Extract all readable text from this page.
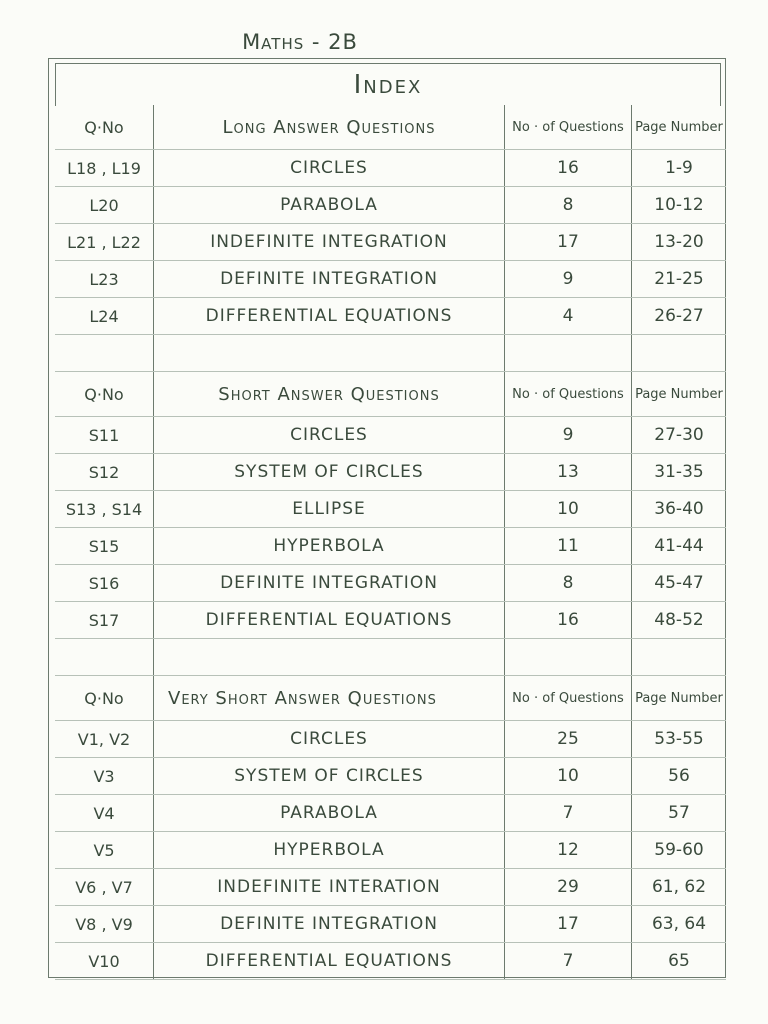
Maths - 2B
Index
Q·No	Long Answer Questions	No · of Questions	Page Number
L18 , L19	CIRCLES	16	1-9
L20	PARABOLA	8	10-12
L21 , L22	INDEFINITE INTEGRATION	17	13-20
L23	DEFINITE INTEGRATION	9	21-25
L24	DIFFERENTIAL EQUATIONS	4	26-27

Q·No	Short Answer Questions	No · of Questions	Page Number
S11	CIRCLES	9	27-30
S12	SYSTEM OF CIRCLES	13	31-35
S13 , S14	ELLIPSE	10	36-40
S15	HYPERBOLA	11	41-44
S16	DEFINITE INTEGRATION	8	45-47
S17	DIFFERENTIAL EQUATIONS	16	48-52

Q·No	Very Short Answer Questions	No · of Questions	Page Number
V1, V2	CIRCLES	25	53-55
V3	SYSTEM OF CIRCLES	10	56
V4	PARABOLA	7	57
V5	HYPERBOLA	12	59-60
V6 , V7	INDEFINITE INTERATION	29	61, 62
V8 , V9	DEFINITE INTEGRATION	17	63, 64
V10	DIFFERENTIAL EQUATIONS	7	65
